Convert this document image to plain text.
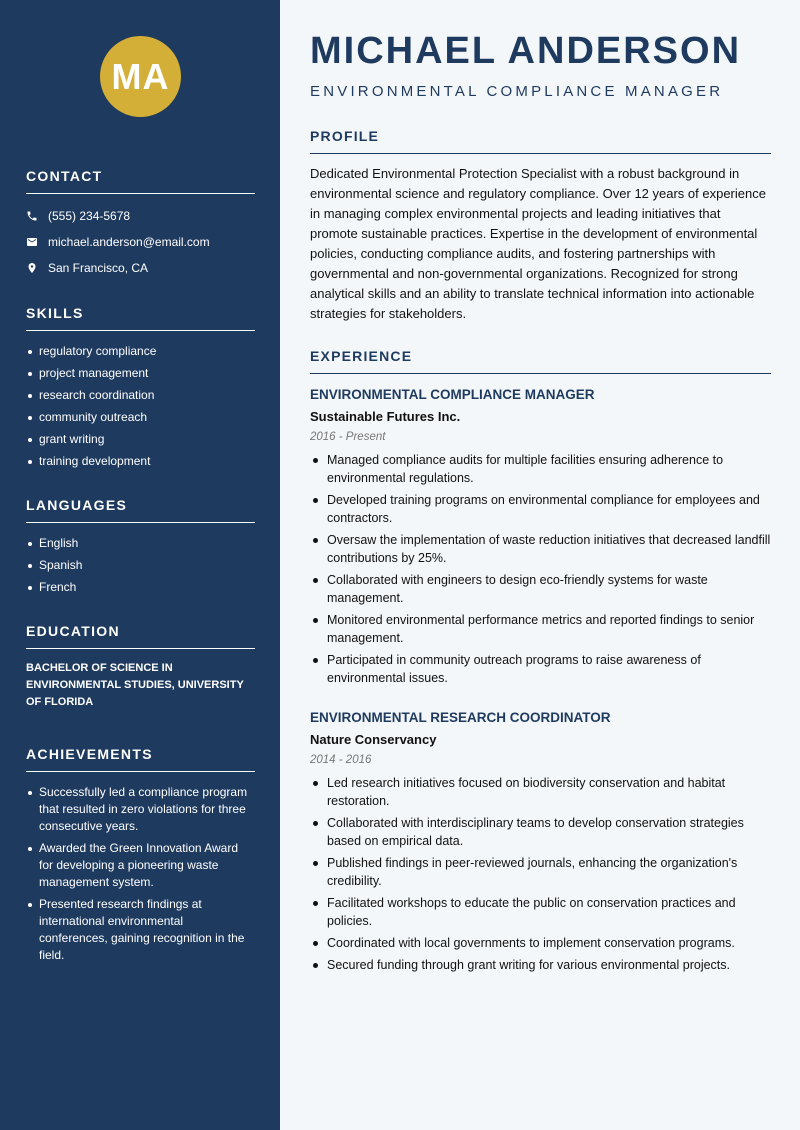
MA
CONTACT
(555) 234-5678
michael.anderson@email.com
San Francisco, CA
SKILLS
regulatory compliance
project management
research coordination
community outreach
grant writing
training development
LANGUAGES
English
Spanish
French
EDUCATION
BACHELOR OF SCIENCE IN ENVIRONMENTAL STUDIES, UNIVERSITY OF FLORIDA
ACHIEVEMENTS
Successfully led a compliance program that resulted in zero violations for three consecutive years.
Awarded the Green Innovation Award for developing a pioneering waste management system.
Presented research findings at international environmental conferences, gaining recognition in the field.
MICHAEL ANDERSON
ENVIRONMENTAL COMPLIANCE MANAGER
PROFILE

Dedicated Environmental Protection Specialist with a robust background in environmental science and regulatory compliance. Over 12 years of experience in managing complex environmental projects and leading initiatives that promote sustainable practices. Expertise in the development of environmental policies, conducting compliance audits, and fostering partnerships with governmental and non-governmental organizations. Recognized for strong analytical skills and an ability to translate technical information into actionable strategies for stakeholders.

EXPERIENCE
ENVIRONMENTAL COMPLIANCE MANAGER
Sustainable Futures Inc.
2016 - Present
Managed compliance audits for multiple facilities ensuring adherence to environmental regulations.
Developed training programs on environmental compliance for employees and contractors.
Oversaw the implementation of waste reduction initiatives that decreased landfill contributions by 25%.
Collaborated with engineers to design eco-friendly systems for waste management.
Monitored environmental performance metrics and reported findings to senior management.
Participated in community outreach programs to raise awareness of environmental issues.
ENVIRONMENTAL RESEARCH COORDINATOR
Nature Conservancy
2014 - 2016
Led research initiatives focused on biodiversity conservation and habitat restoration.
Collaborated with interdisciplinary teams to develop conservation strategies based on empirical data.
Published findings in peer-reviewed journals, enhancing the organization's credibility.
Facilitated workshops to educate the public on conservation practices and policies.
Coordinated with local governments to implement conservation programs.
Secured funding through grant writing for various environmental projects.
